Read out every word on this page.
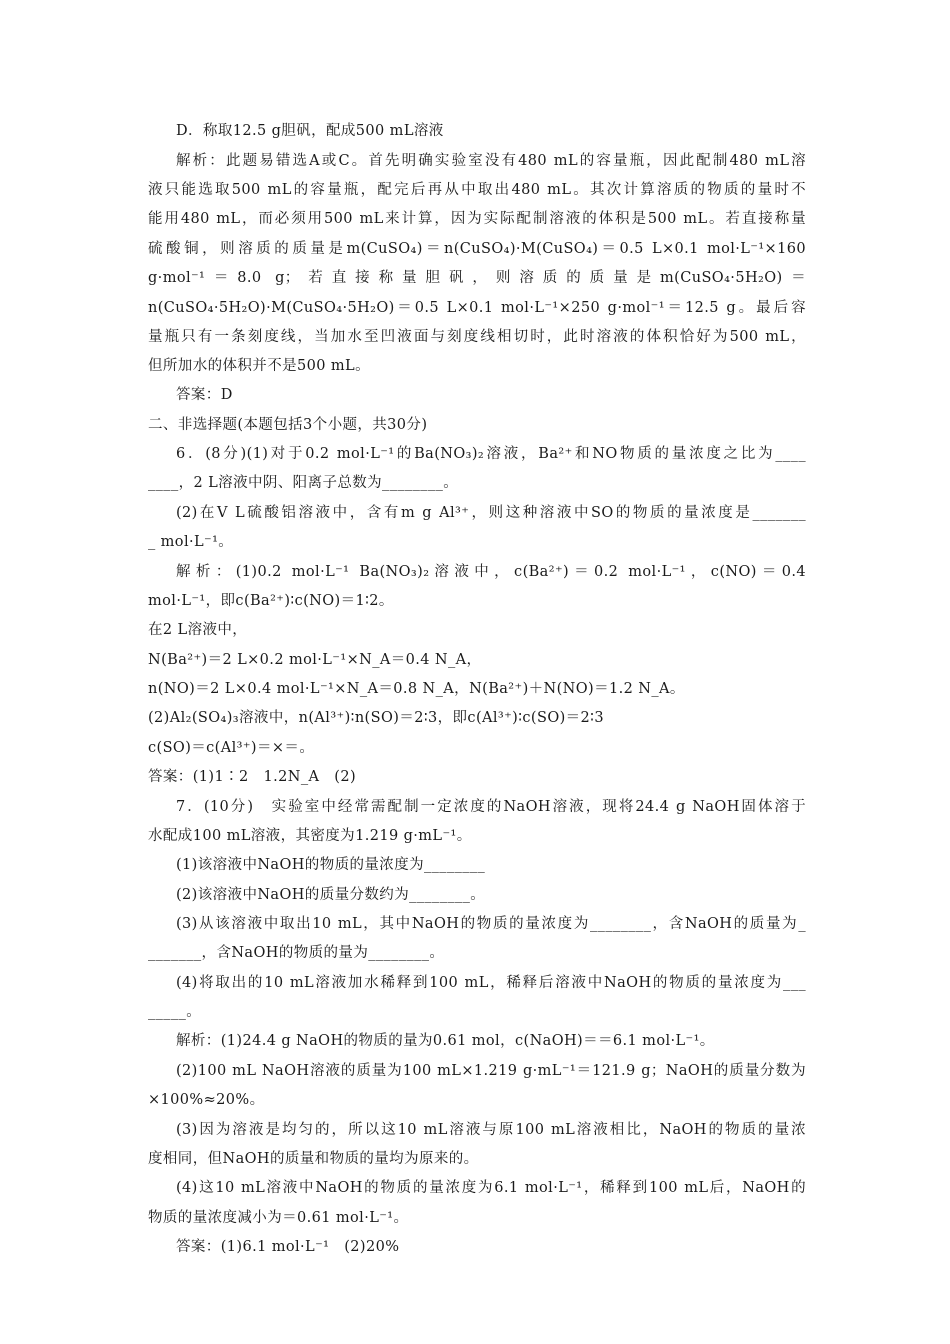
D．称取12.5 g胆矾，配成500 mL溶液
解析：此题易错选A或C。首先明确实验室没有480 mL的容量瓶，因此配制480 mL溶
液只能选取500 mL的容量瓶，配完后再从中取出480 mL。其次计算溶质的物质的量时不
能用480 mL，而必须用500 mL来计算，因为实际配制溶液的体积是500 mL。若直接称量
硫酸铜，则溶质的质量是m(CuSO₄)＝n(CuSO₄)·M(CuSO₄)＝0.5 L×0.1 mol·L⁻¹×160
g·mol⁻¹＝8.0 g；若直接称量胆矾，则溶质的质量是m(CuSO₄·5H₂O)＝
n(CuSO₄·5H₂O)·M(CuSO₄·5H₂O)＝0.5 L×0.1 mol·L⁻¹×250 g·mol⁻¹＝12.5 g。最后容
量瓶只有一条刻度线，当加水至凹液面与刻度线相切时，此时溶液的体积恰好为500 mL，
但所加水的体积并不是500 mL。
答案：D
二、非选择题(本题包括3个小题，共30分)
6．(8分)(1)对于0.2 mol·L⁻¹的Ba(NO₃)₂溶液，Ba²⁺和NO物质的量浓度之比为____
____，2 L溶液中阴、阳离子总数为________。
(2)在V L硫酸铝溶液中，含有m g Al³⁺，则这种溶液中SO的物质的量浓度是_______
_ mol·L⁻¹。
解析：(1)0.2 mol·L⁻¹ Ba(NO₃)₂溶液中，c(Ba²⁺)＝0.2 mol·L⁻¹，c(NO)＝0.4
mol·L⁻¹，即c(Ba²⁺)∶c(NO)＝1∶2。
在2 L溶液中，
N(Ba²⁺)＝2 L×0.2 mol·L⁻¹×N_A＝0.4 N_A，
n(NO)＝2 L×0.4 mol·L⁻¹×N_A＝0.8 N_A，N(Ba²⁺)＋N(NO)＝1.2 N_A。
(2)Al₂(SO₄)₃溶液中，n(Al³⁺)∶n(SO)＝2∶3，即c(Al³⁺)∶c(SO)＝2∶3
c(SO)＝c(Al³⁺)＝×＝。
答案：(1)1∶2　1.2N_A　(2)
7．(10分)　实验室中经常需配制一定浓度的NaOH溶液，现将24.4 g NaOH固体溶于
水配成100 mL溶液，其密度为1.219 g·mL⁻¹。
(1)该溶液中NaOH的物质的量浓度为________
(2)该溶液中NaOH的质量分数约为________。
(3)从该溶液中取出10 mL，其中NaOH的物质的量浓度为________，含NaOH的质量为_
_______，含NaOH的物质的量为________。
(4)将取出的10 mL溶液加水稀释到100 mL，稀释后溶液中NaOH的物质的量浓度为___
_____。
解析：(1)24.4 g NaOH的物质的量为0.61 mol，c(NaOH)＝＝6.1 mol·L⁻¹。
(2)100 mL NaOH溶液的质量为100 mL×1.219 g·mL⁻¹＝121.9 g；NaOH的质量分数为
×100%≈20%。
(3)因为溶液是均匀的，所以这10 mL溶液与原100 mL溶液相比，NaOH的物质的量浓
度相同，但NaOH的质量和物质的量均为原来的。
(4)这10 mL溶液中NaOH的物质的量浓度为6.1 mol·L⁻¹，稀释到100 mL后，NaOH的
物质的量浓度减小为＝0.61 mol·L⁻¹。
答案：(1)6.1 mol·L⁻¹　(2)20%
